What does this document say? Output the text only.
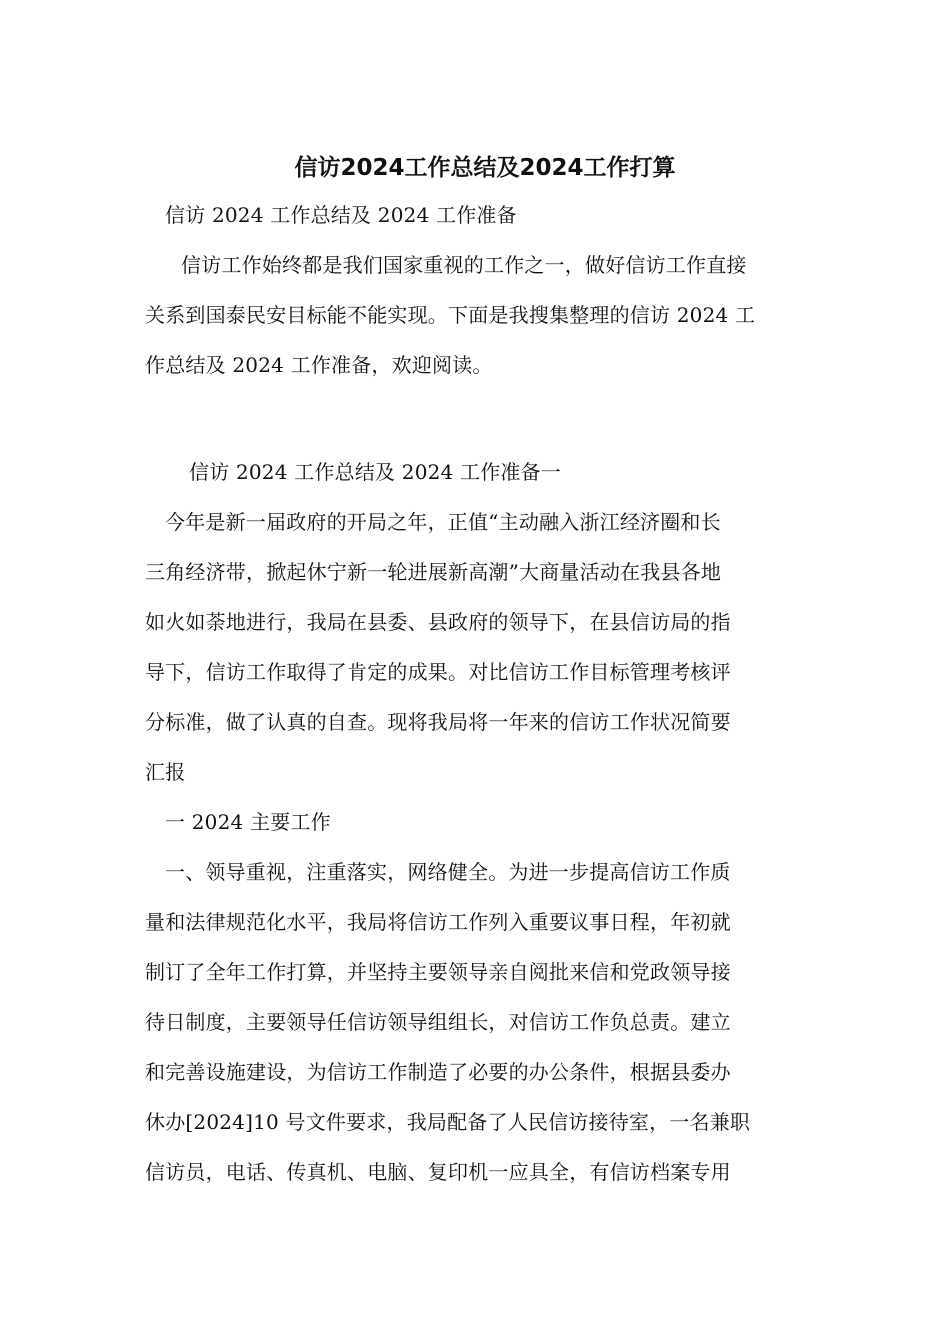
信访2024工作总结及2024工作打算
信访 2024 工作总结及 2024 工作准备
信访工作始终都是我们国家重视的工作之一，做好信访工作直接
关系到国泰民安目标能不能实现。下面是我搜集整理的信访 2024 工
作总结及 2024 工作准备，欢迎阅读。
信访 2024 工作总结及 2024 工作准备一
今年是新一届政府的开局之年，正值“主动融入浙江经济圈和长
三角经济带，掀起休宁新一轮进展新高潮”大商量活动在我县各地
如火如荼地进行，我局在县委、县政府的领导下，在县信访局的指
导下，信访工作取得了肯定的成果。对比信访工作目标管理考核评
分标准，做了认真的自查。现将我局将一年来的信访工作状况简要
汇报
一 2024 主要工作
一、领导重视，注重落实，网络健全。为进一步提高信访工作质
量和法律规范化水平，我局将信访工作列入重要议事日程，年初就
制订了全年工作打算，并坚持主要领导亲自阅批来信和党政领导接
待日制度，主要领导任信访领导组组长，对信访工作负总责。建立
和完善设施建设，为信访工作制造了必要的办公条件，根据县委办
休办[2024]10 号文件要求，我局配备了人民信访接待室，一名兼职
信访员，电话、传真机、电脑、复印机一应具全，有信访档案专用
